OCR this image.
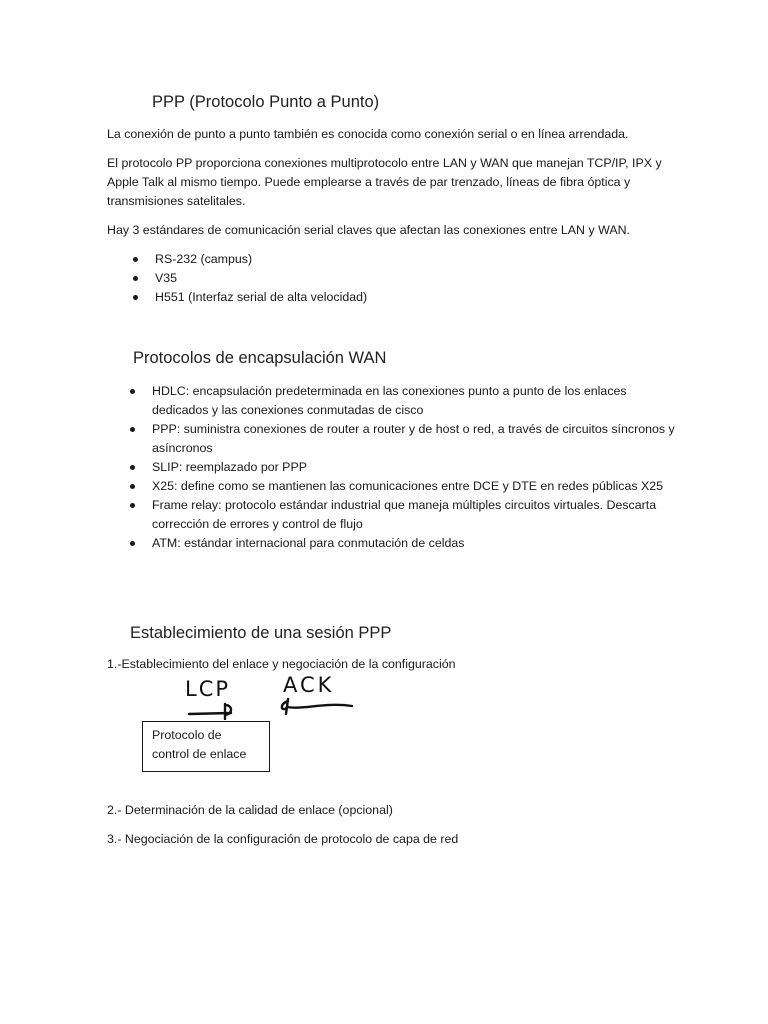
PPP (Protocolo Punto a Punto)

La conexión de punto a punto también es conocida como conexión serial o en línea arrendada.

El protocolo PP proporciona conexiones multiprotocolo entre LAN y WAN que manejan TCP/IP, IPX y Apple Talk al mismo tiempo. Puede emplearse a través de par trenzado, líneas de fibra óptica y transmisiones satelitales.

Hay 3 estándares de comunicación serial claves que afectan las conexiones entre LAN y WAN.

RS-232 (campus)
V35
H551 (Interfaz serial de alta velocidad)
Protocolos de encapsulación WAN
HDLC: encapsulación predeterminada en las conexiones punto a punto de los enlaces dedicados y las conexiones conmutadas de cisco
PPP: suministra conexiones de router a router y de host o red, a través de circuitos síncronos y asíncronos
SLIP: reemplazado por PPP
X25: define como se mantienen las comunicaciones entre DCE y DTE en redes públicas X25
Frame relay: protocolo estándar industrial que maneja múltiples circuitos virtuales. Descarta corrección de errores y control de flujo
ATM: estándar internacional para conmutación de celdas
Establecimiento de una sesión PPP

1.-Establecimiento del enlace y negociación de la configuración

LCP	ACK
Protocolo de control de enlace

2.- Determinación de la calidad de enlace (opcional)

3.- Negociación de la configuración de protocolo de capa de red
